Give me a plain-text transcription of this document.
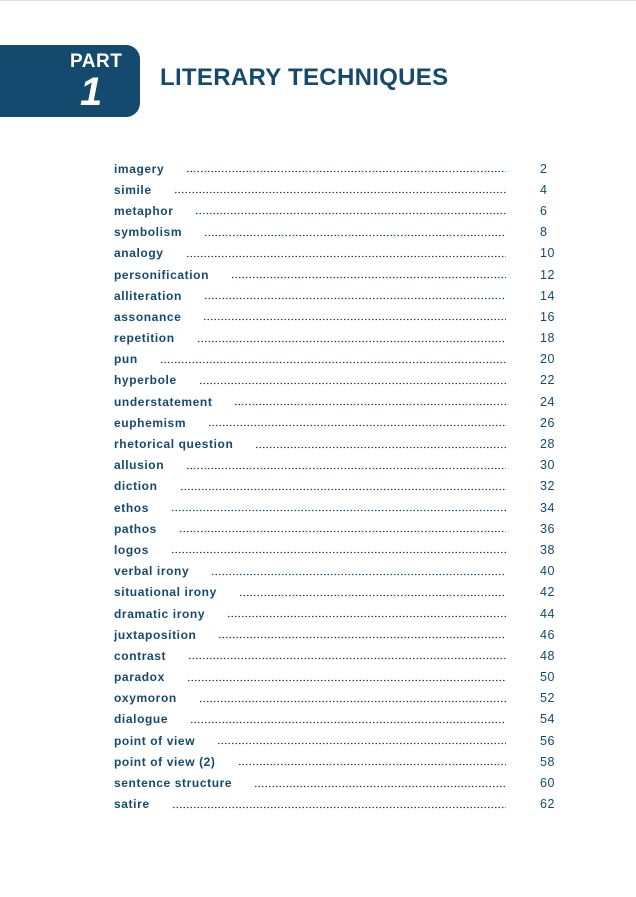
PART
1 LITERARY TECHNIQUES
imagery	2
simile	4
metaphor	6
symbolism	8
analogy	10
personification	12
alliteration	14
assonance	16
repetition	18
pun	20
hyperbole	22
understatement	24
euphemism	26
rhetorical question	28
allusion	30
diction	32
ethos	34
pathos	36
logos	38
verbal irony	40
situational irony	42
dramatic irony	44
juxtaposition	46
contrast	48
paradox	50
oxymoron	52
dialogue	54
point of view	56
point of view (2)	58
sentence structure	60
satire	62
